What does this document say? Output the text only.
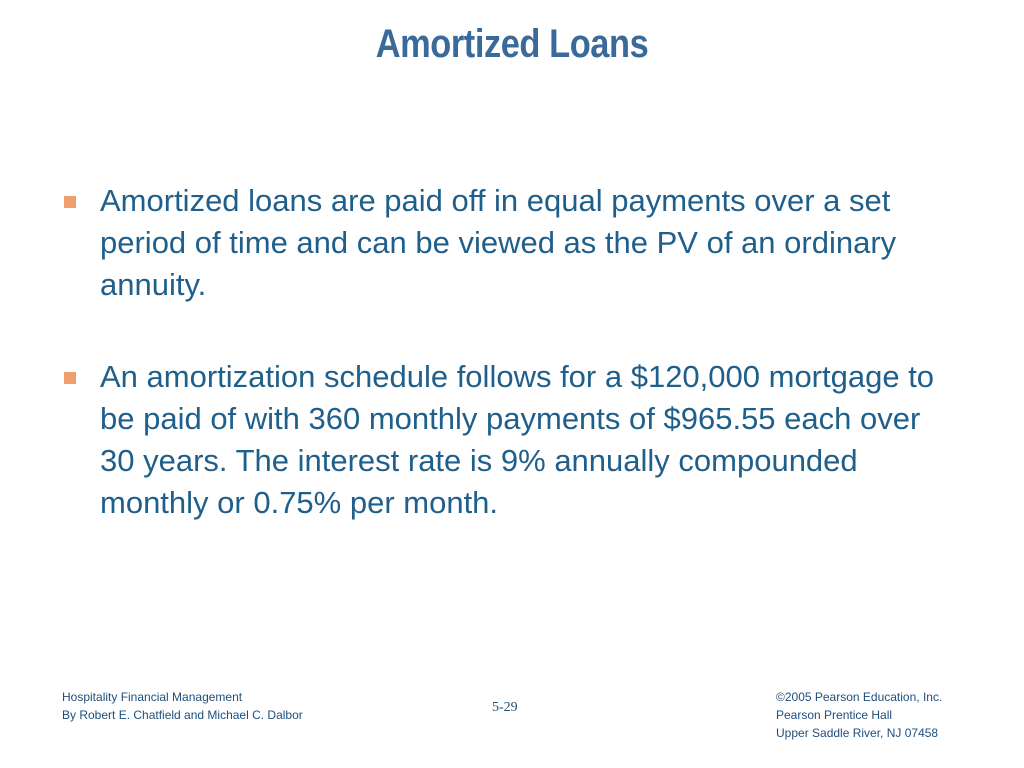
Amortized Loans
Amortized loans are paid off in equal payments over a set period of time and can be viewed as the PV of an ordinary annuity.
An amortization schedule follows for a $120,000 mortgage to be paid of with 360 monthly payments of $965.55 each over 30 years. The interest rate is 9% annually compounded monthly or 0.75% per month.
Hospitality Financial Management
By Robert E. Chatfield and Michael C. Dalbor	5-29
©2005 Pearson Education, Inc.
Pearson Prentice Hall
Upper Saddle River, NJ 07458
